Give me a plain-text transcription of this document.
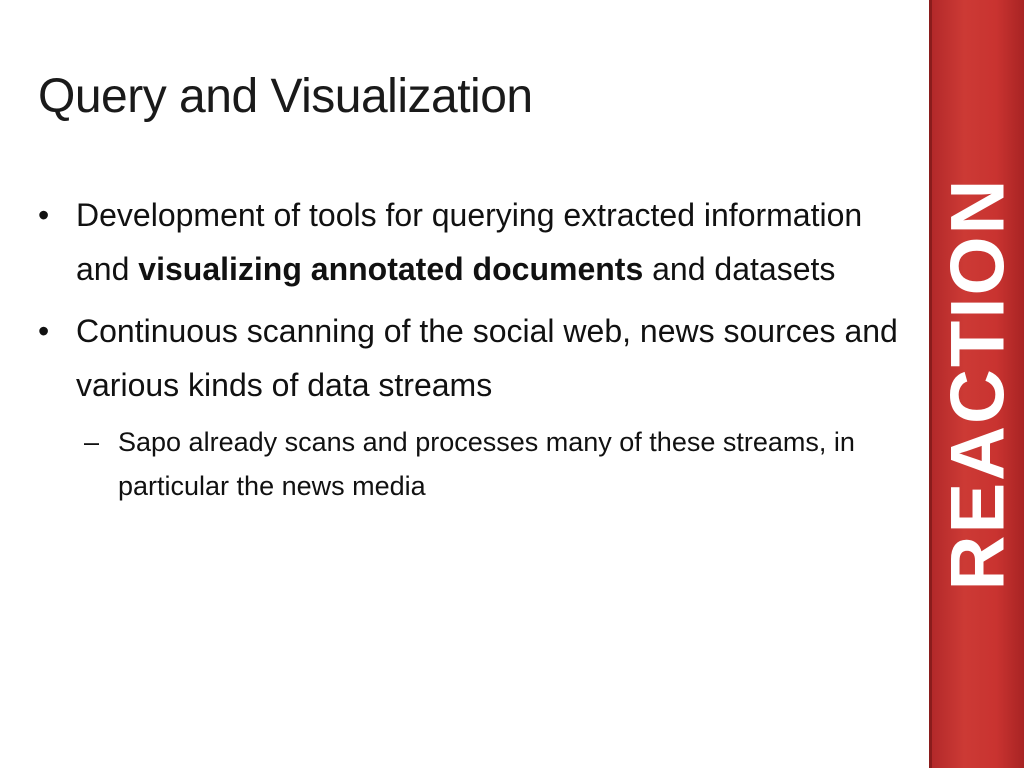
Query and Visualization
• Development of tools for querying extracted information and visualizing annotated documents and datasets
• Continuous scanning of the social web, news sources and various kinds of data streams
– Sapo already scans and processes many of these streams, in particular the news media	REACTION
